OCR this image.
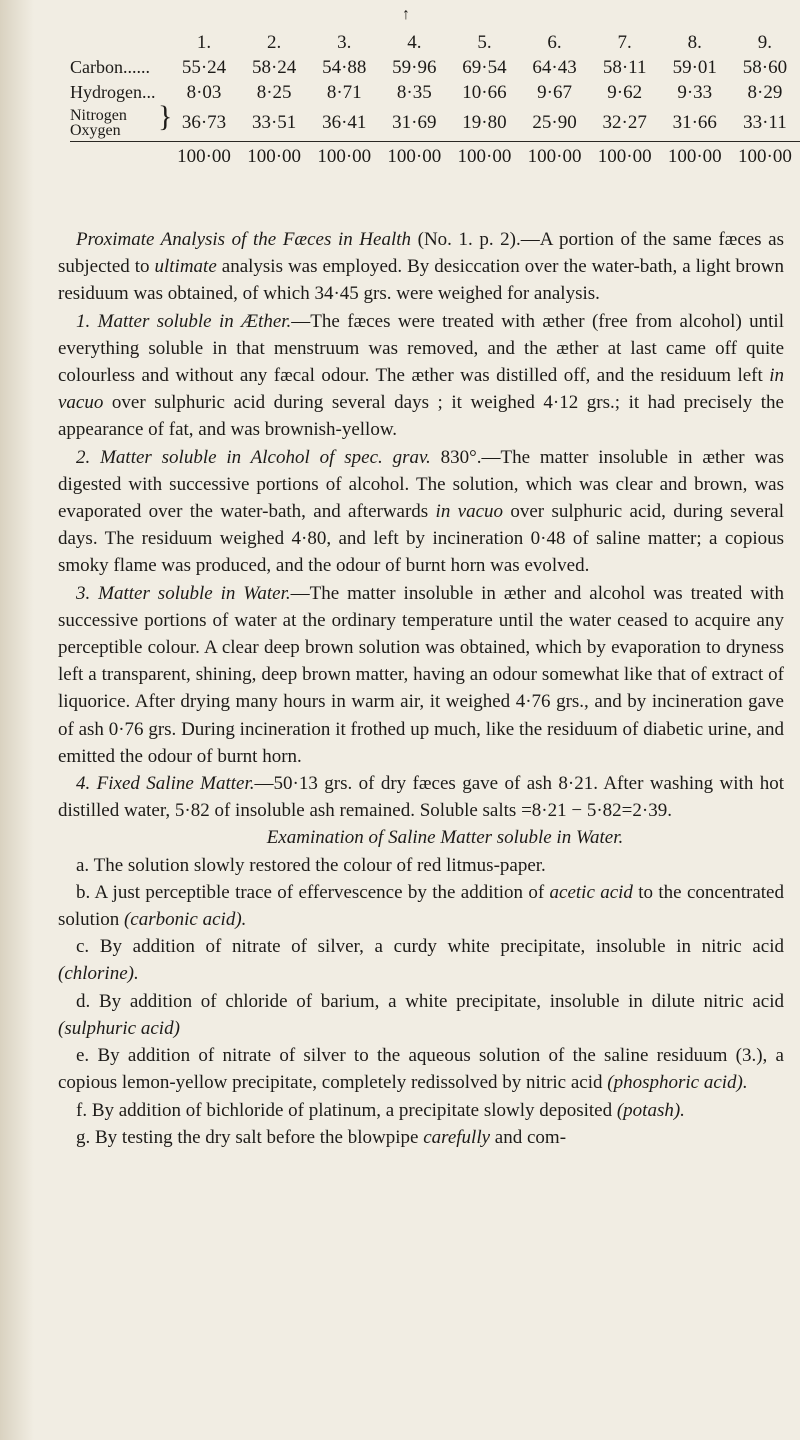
↑
	1.	2.	3.	4.	5.	6.	7.	8.	9.
Carbon......	55·24	58·24	54·88	59·96	69·54	64·43	58·11	59·01	58·60
Hydrogen...	8·03	8·25	8·71	8·35	10·66	9·67	9·62	9·33	8·29
Nitrogen
Oxygen }	36·73	33·51	36·41	31·69	19·80	25·90	32·27	31·66	33·11
	100·00	100·00	100·00	100·00	100·00	100·00	100·00	100·00	100·00

Proximate Analysis of the Fæces in Health (No. 1. p. 2).—A portion of the same fæces as subjected to ultimate analysis was employed. By desiccation over the water-bath, a light brown residuum was obtained, of which 34·45 grs. were weighed for analysis.

1. Matter soluble in Æther.—The fæces were treated with æther (free from alcohol) until everything soluble in that menstruum was removed, and the æther at last came off quite colourless and without any fæcal odour. The æther was distilled off, and the residuum left in vacuo over sulphuric acid during several days ; it weighed 4·12 grs.; it had precisely the appearance of fat, and was brownish-yellow.

2. Matter soluble in Alcohol of spec. grav. 830°.—The matter insoluble in æther was digested with successive portions of alcohol. The solution, which was clear and brown, was evaporated over the water-bath, and afterwards in vacuo over sulphuric acid, during several days. The residuum weighed 4·80, and left by incineration 0·48 of saline matter; a copious smoky flame was produced, and the odour of burnt horn was evolved.

3. Matter soluble in Water.—The matter insoluble in æther and alcohol was treated with successive portions of water at the ordinary temperature until the water ceased to acquire any perceptible colour. A clear deep brown solution was obtained, which by evaporation to dryness left a transparent, shining, deep brown matter, having an odour somewhat like that of extract of liquorice. After drying many hours in warm air, it weighed 4·76 grs., and by incineration gave of ash 0·76 grs. During incineration it frothed up much, like the residuum of diabetic urine, and emitted the odour of burnt horn.

4. Fixed Saline Matter.—50·13 grs. of dry fæces gave of ash 8·21. After washing with hot distilled water, 5·82 of insoluble ash remained. Soluble salts =8·21 − 5·82=2·39.

Examination of Saline Matter soluble in Water.

a. The solution slowly restored the colour of red litmus-paper.

b. A just perceptible trace of effervescence by the addition of acetic acid to the concentrated solution (carbonic acid).

c. By addition of nitrate of silver, a curdy white precipitate, insoluble in nitric acid (chlorine).

d. By addition of chloride of barium, a white precipitate, insoluble in dilute nitric acid (sulphuric acid)

e. By addition of nitrate of silver to the aqueous solution of the saline residuum (3.), a copious lemon-yellow precipitate, completely redissolved by nitric acid (phosphoric acid).

f. By addition of bichloride of platinum, a precipitate slowly deposited (potash).

g. By testing the dry salt before the blowpipe carefully and com-
